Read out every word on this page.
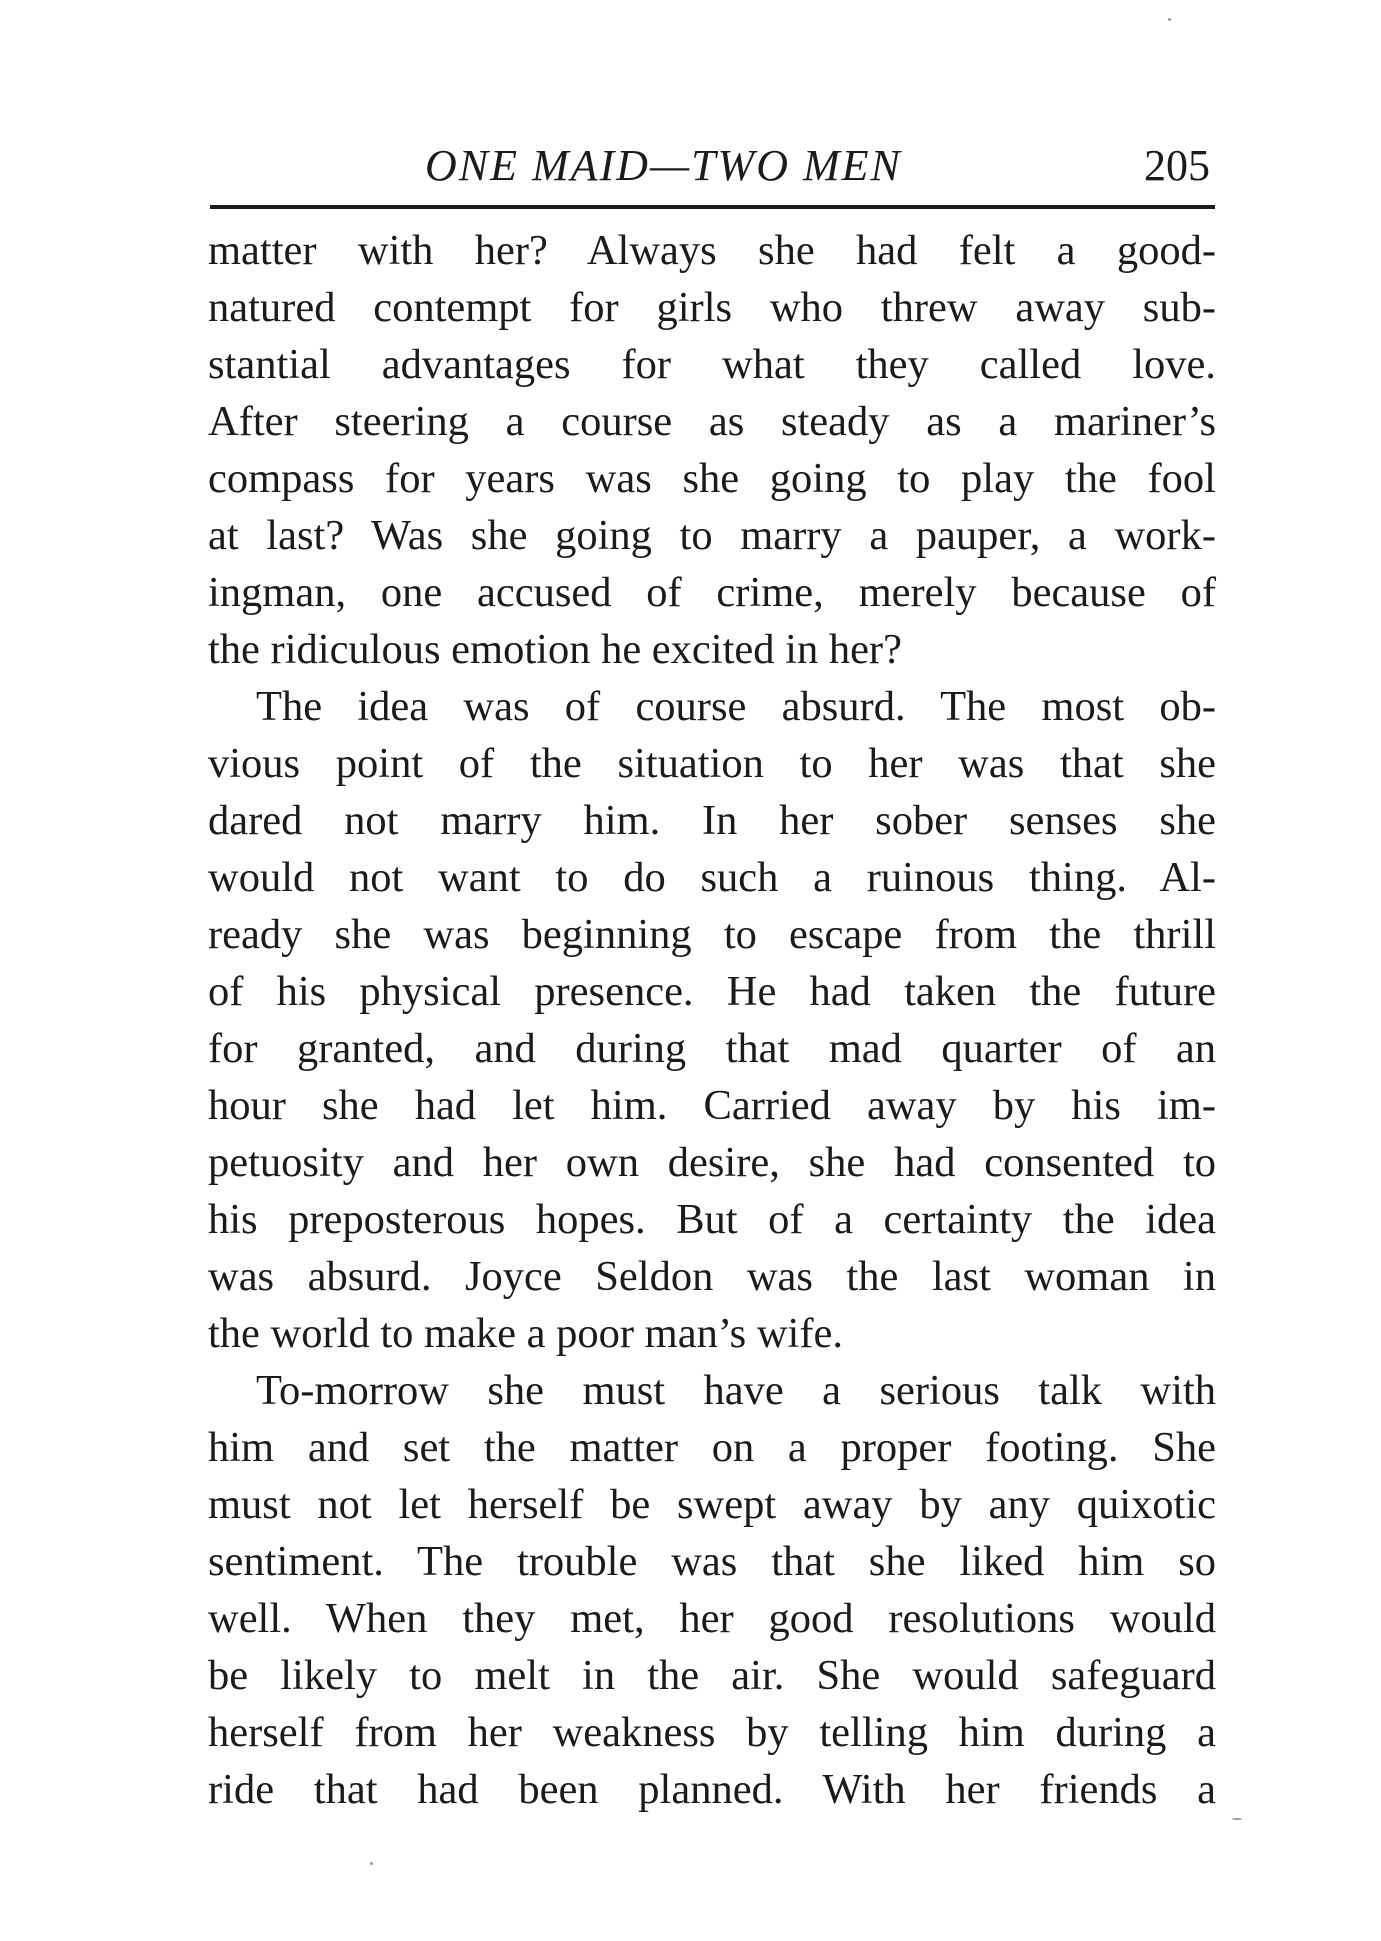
ONE MAID—TWO MEN	205
matter with her? Always she had felt a good-
natured contempt for girls who threw away sub-
stantial advantages for what they called love.
After steering a course as steady as a mariner’s
compass for years was she going to play the fool
at last? Was she going to marry a pauper, a work-
ingman, one accused of crime, merely because of
the ridiculous emotion he excited in her?
The idea was of course absurd. The most ob-
vious point of the situation to her was that she
dared not marry him. In her sober senses she
would not want to do such a ruinous thing. Al-
ready she was beginning to escape from the thrill
of his physical presence. He had taken the future
for granted, and during that mad quarter of an
hour she had let him. Carried away by his im-
petuosity and her own desire, she had consented to
his preposterous hopes. But of a certainty the idea
was absurd. Joyce Seldon was the last woman in
the world to make a poor man’s wife.
To-morrow she must have a serious talk with
him and set the matter on a proper footing. She
must not let herself be swept away by any quixotic
sentiment. The trouble was that she liked him so
well. When they met, her good resolutions would
be likely to melt in the air. She would safeguard
herself from her weakness by telling him during a
ride that had been planned. With her friends a
